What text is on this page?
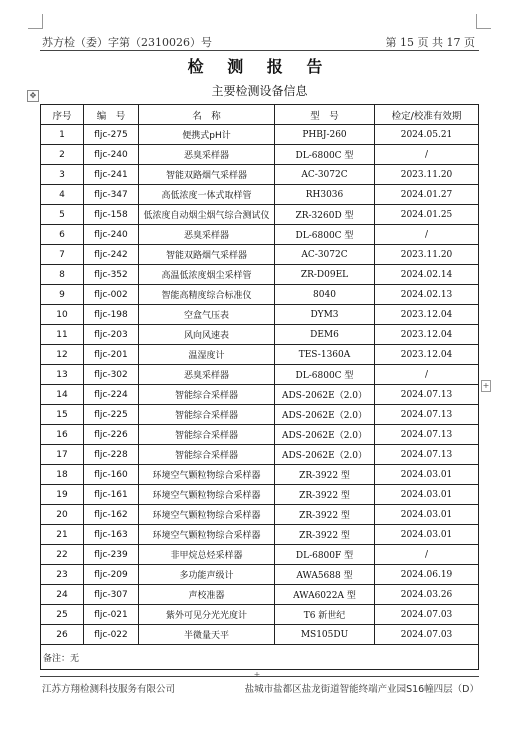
苏方检（委）字第（2310026）号	第 15 页 共 17 页
检 测 报 告
主要检测设备信息
✥
序号	编　号	名　称	型　号	检定/校准有效期
1	fljc-275	便携式pH计	PHBJ-260	2024.05.21
2	fljc-240	恶臭采样器	DL-6800C 型	/
3	fljc-241	智能双路烟气采样器	AC-3072C	2023.11.20
4	fljc-347	高低浓度一体式取样管	RH3036	2024.01.27
5	fljc-158	低浓度自动烟尘烟气综合测试仪	ZR-3260D 型	2024.01.25
6	fljc-240	恶臭采样器	DL-6800C 型	/
7	fljc-242	智能双路烟气采样器	AC-3072C	2023.11.20
8	fljc-352	高温低浓度烟尘采样管	ZR-D09EL	2024.02.14
9	fljc-002	智能高精度综合标准仪	8040	2024.02.13
10	fljc-198	空盒气压表	DYM3	2023.12.04
11	fljc-203	风向风速表	DEM6	2023.12.04
12	fljc-201	温湿度计	TES-1360A	2023.12.04
13	fljc-302	恶臭采样器	DL-6800C 型	/
14	fljc-224	智能综合采样器	ADS-2062E（2.0）	2024.07.13
15	fljc-225	智能综合采样器	ADS-2062E（2.0）	2024.07.13
16	fljc-226	智能综合采样器	ADS-2062E（2.0）	2024.07.13
17	fljc-228	智能综合采样器	ADS-2062E（2.0）	2024.07.13
18	fljc-160	环境空气颗粒物综合采样器	ZR-3922 型	2024.03.01
19	fljc-161	环境空气颗粒物综合采样器	ZR-3922 型	2024.03.01
20	fljc-162	环境空气颗粒物综合采样器	ZR-3922 型	2024.03.01
21	fljc-163	环境空气颗粒物综合采样器	ZR-3922 型	2024.03.01
22	fljc-239	非甲烷总烃采样器	DL-6800F 型	/
23	fljc-209	多功能声级计	AWA5688 型	2024.06.19
24	fljc-307	声校准器	AWA6022A 型	2024.03.26
25	fljc-021	紫外可见分光光度计	T6 新世纪	2024.07.03
26	fljc-022	半微量天平	MS105DU	2024.07.03
备注：无				
+
+
江苏方翔检测科技服务有限公司	盐城市盐都区盐龙街道智能终端产业园S16幢四层（D）
